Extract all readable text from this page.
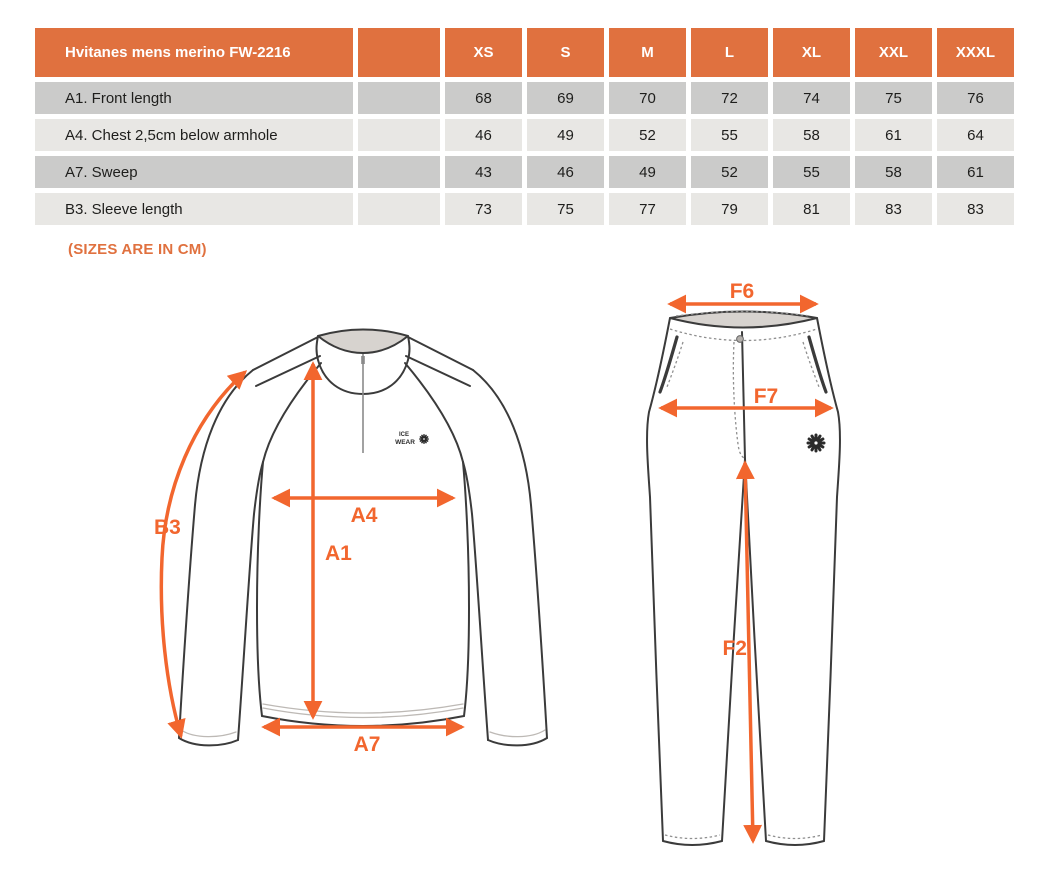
Hvitanes mens merino FW-2216	XS	S	M	L	XL	XXL	XXXL
A1. Front length	68	69	70	72	74	75	76
A4. Chest 2,5cm below armhole	46	49	52	55	58	61	64
A7. Sweep	43	46	49	52	55	58	61
B3. Sleeve length	73	75	77	79	81	83	83
(SIZES ARE IN CM)
ICE
WEAR
A4
A1
A7
B3
F6
F7
F2
